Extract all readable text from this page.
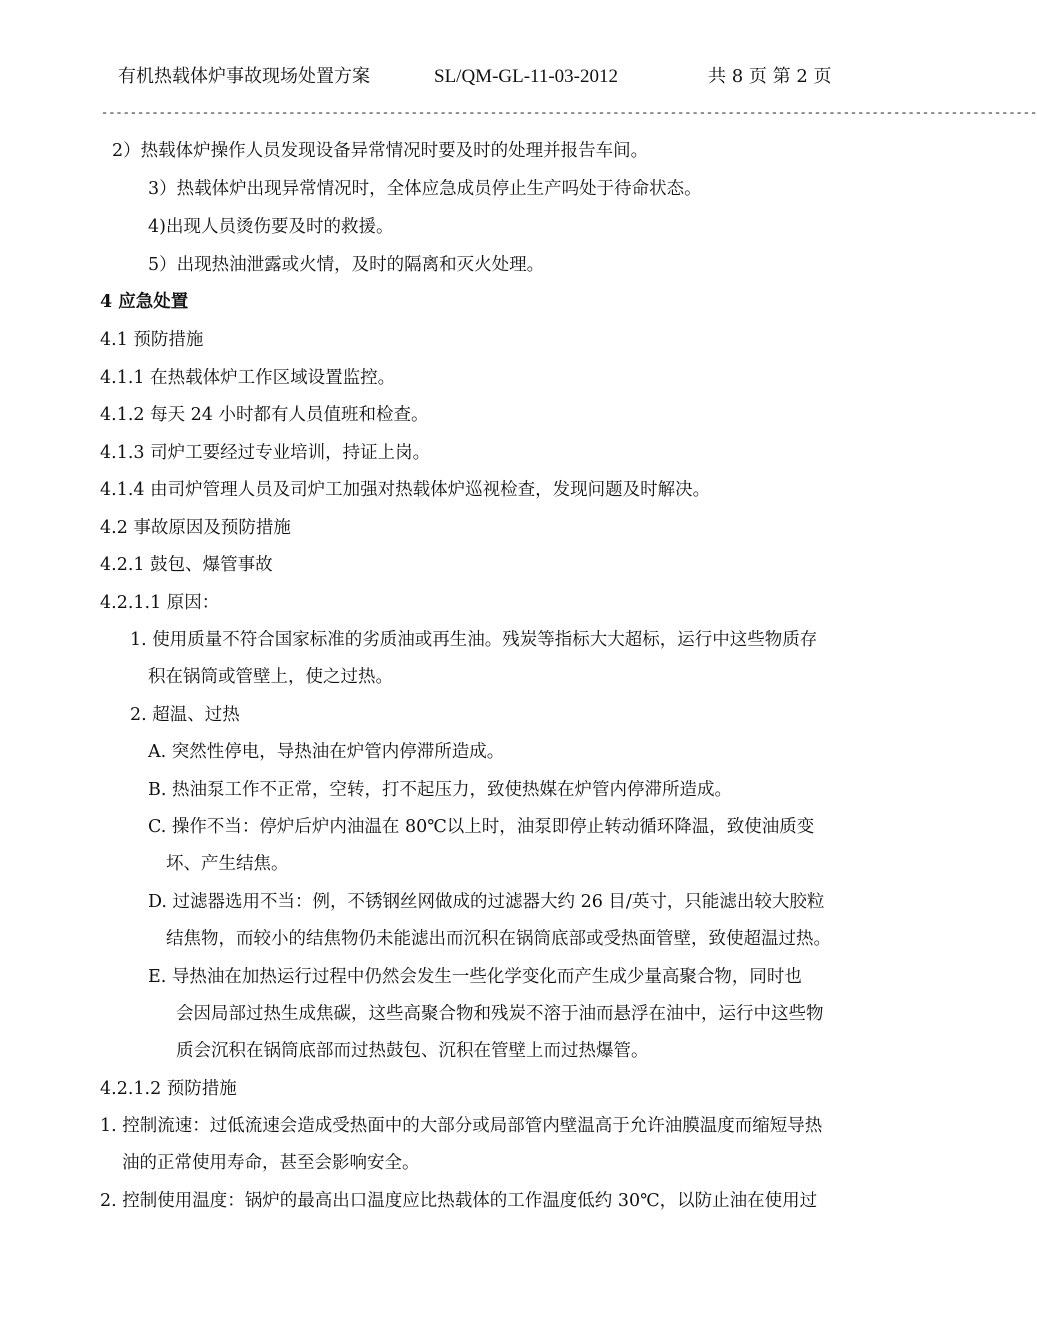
有机热载体炉事故现场处置方案	SL/QM-GL-11-03-2012	共 8 页 第 2 页
----------------------------------------------------------------------------------------------------------------------------------
2）热载体炉操作人员发现设备异常情况时要及时的处理并报告车间。
3）热载体炉出现异常情况时，全体应急成员停止生产吗处于待命状态。
4)出现人员烫伤要及时的救援。
5）出现热油泄露或火情，及时的隔离和灭火处理。
4 应急处置
4.1 预防措施
4.1.1 在热载体炉工作区域设置监控。
4.1.2 每天 24 小时都有人员值班和检查。
4.1.3 司炉工要经过专业培训，持证上岗。
4.1.4 由司炉管理人员及司炉工加强对热载体炉巡视检查，发现问题及时解决。
4.2 事故原因及预防措施
4.2.1 鼓包、爆管事故
4.2.1.1 原因：
1. 使用质量不符合国家标准的劣质油或再生油。残炭等指标大大超标，运行中这些物质存
积在锅筒或管壁上，使之过热。
2. 超温、过热
A. 突然性停电，导热油在炉管内停滞所造成。
B. 热油泵工作不正常，空转，打不起压力，致使热媒在炉管内停滞所造成。
C. 操作不当：停炉后炉内油温在 80℃以上时，油泵即停止转动循环降温，致使油质变
坏、产生结焦。
D. 过滤器选用不当：例，不锈钢丝网做成的过滤器大约 26 目/英寸，只能滤出较大胶粒
结焦物，而较小的结焦物仍未能滤出而沉积在锅筒底部或受热面管壁，致使超温过热。
E. 导热油在加热运行过程中仍然会发生一些化学变化而产生成少量高聚合物，同时也
会因局部过热生成焦碳，这些高聚合物和残炭不溶于油而悬浮在油中，运行中这些物
质会沉积在锅筒底部而过热鼓包、沉积在管壁上而过热爆管。
4.2.1.2 预防措施
1. 控制流速：过低流速会造成受热面中的大部分或局部管内壁温高于允许油膜温度而缩短导热
油的正常使用寿命，甚至会影响安全。
2. 控制使用温度：锅炉的最高出口温度应比热载体的工作温度低约 30℃，以防止油在使用过
